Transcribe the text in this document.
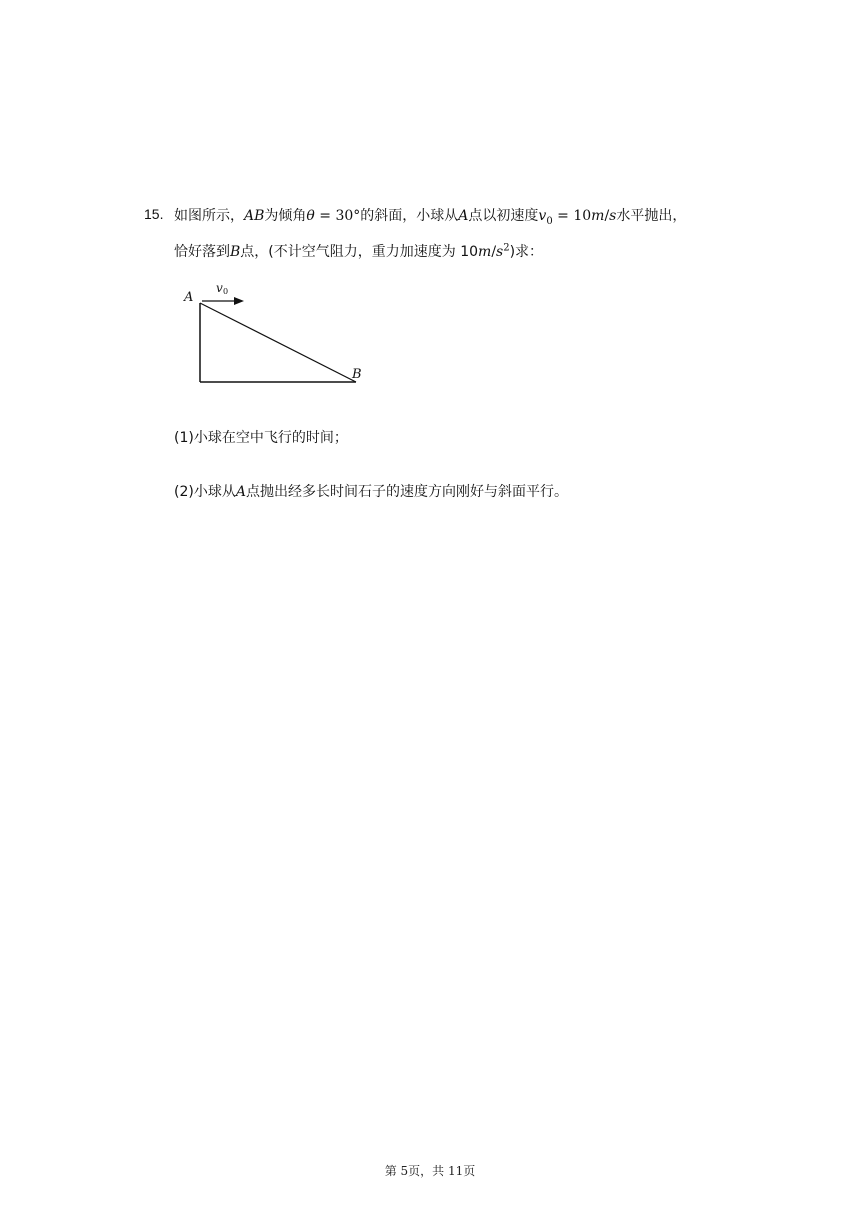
15. 如图所示，AB为倾角θ = 30°的斜面，小球从A点以初速度$v_0 = 10m/s$水平抛出，
恰好落到B点，(不计空气阻力，重力加速度为 $10m/s^2$)求：
A
B
v 0
(1)小球在空中飞行的时间；
(2)小球从A点抛出经多长时间石子的速度方向刚好与斜面平行。
第 5页，共 11页
